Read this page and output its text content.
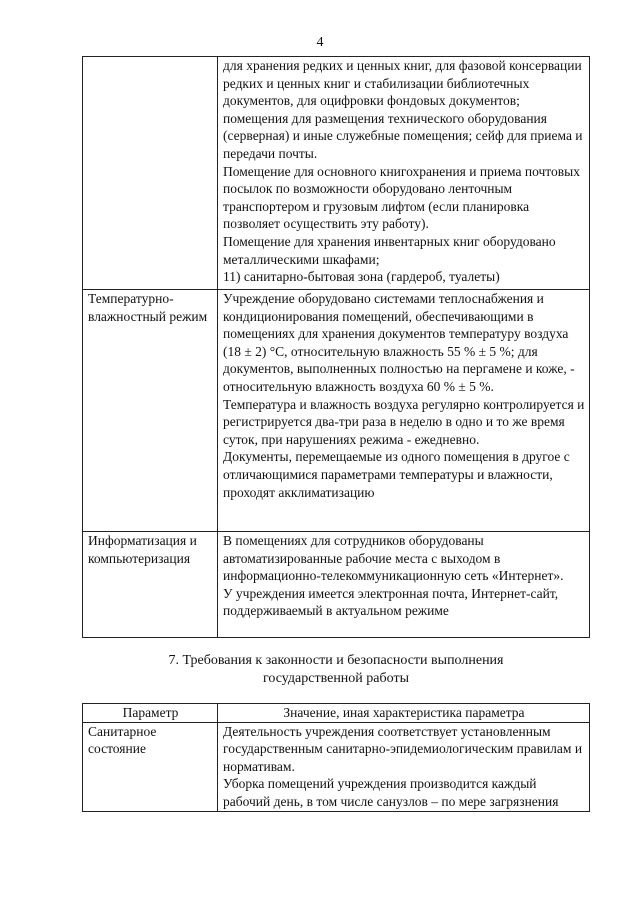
4

	для хранения редких и ценных книг, для фазовой консервации редких и ценных книг и стабилизации библиотечных документов, для оцифровки фондовых документов; помещения для размещения технического оборудования (серверная) и иные служебные помещения; сейф для приема и передачи почты.
Помещение для основного книгохранения и приема почтовых посылок по возможности оборудовано ленточным транспортером и грузовым лифтом (если планировка позволяет осуществить эту работу).
Помещение для хранения инвентарных книг оборудовано металлическими шкафами;
11) санитарно-бытовая зона (гардероб, туалеты)

Температурно-влажностный режим	Учреждение оборудовано системами теплоснабжения и кондиционирования помещений, обеспечивающими в помещениях для хранения документов температуру воздуха (18 ± 2) °С, относительную влажность 55 % ± 5 %; для документов, выполненных полностью на пергамене и коже, - относительную влажность воздуха 60 % ± 5 %.
Температура и влажность воздуха регулярно контролируется и регистрируется два-три раза в неделю в одно и то же время суток, при нарушениях режима - ежедневно.
Документы, перемещаемые из одного помещения в другое с отличающимися параметрами температуры и влажности, проходят акклиматизацию

Информатизация и компьютеризация	В помещениях для сотрудников оборудованы автоматизированные рабочие места с выходом в информационно-телекоммуникационную сеть «Интернет».
У учреждения имеется электронная почта, Интернет-сайт, поддерживаемый в актуальном режиме
7. Требования к законности и безопасности выполнения
государственной работы
Параметр	Значение, иная характеристика параметра
Санитарное состояние	Деятельность учреждения соответствует установленным государственным санитарно-эпидемиологическим правилам и нормативам.
Уборка помещений учреждения производится каждый рабочий день, в том числе санузлов – по мере загрязнения
